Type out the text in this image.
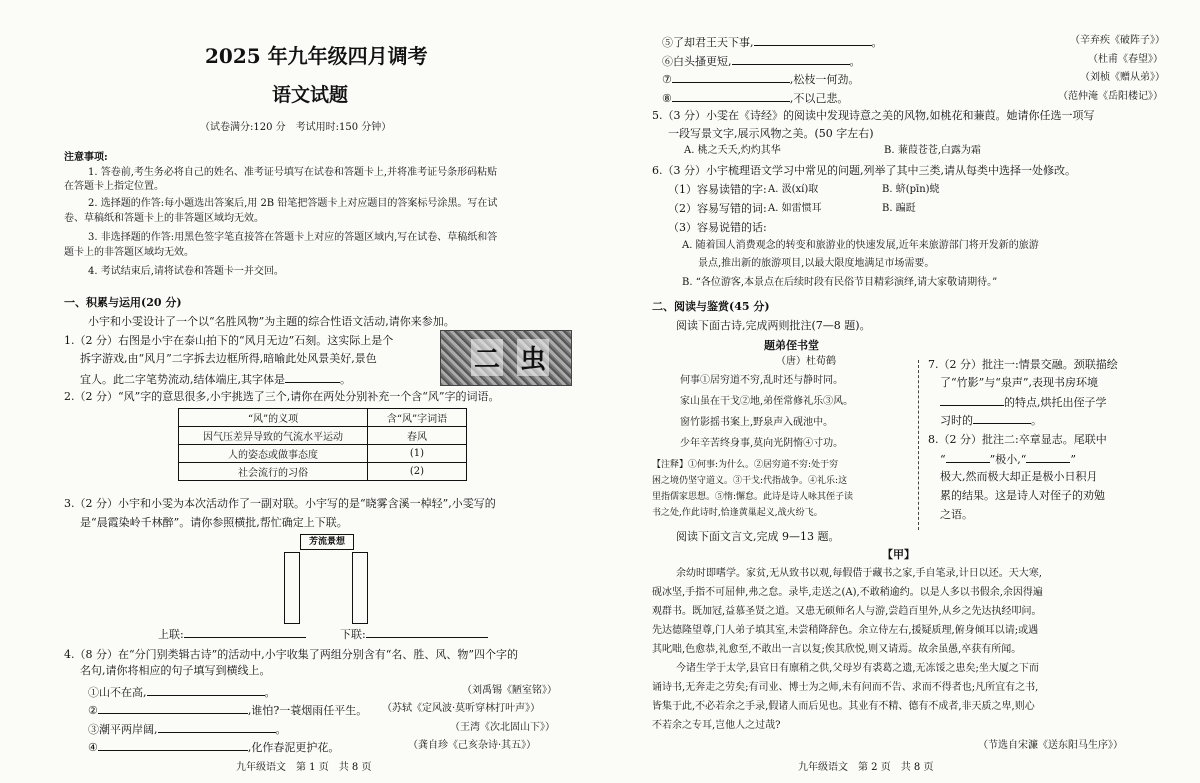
2025 年九年级四月调考
语文试题
（试卷满分:120 分　考试用时:150 分钟）
注意事项:
1. 答卷前,考生务必将自己的姓名、准考证号填写在试卷和答题卡上,并将准考证号条形码粘贴
在答题卡上指定位置。
2. 选择题的作答:每小题选出答案后,用 2B 铅笔把答题卡上对应题目的答案标号涂黑。写在试
卷、草稿纸和答题卡上的非答题区域均无效。
3. 非选择题的作答:用黑色签字笔直接答在答题卡上对应的答题区域内,写在试卷、草稿纸和答
题卡上的非答题区域均无效。
4. 考试结束后,请将试卷和答题卡一并交回。
一、积累与运用(20 分)
小宇和小雯设计了一个以“名胜风物”为主题的综合性语文活动,请你来参加。
1.（2 分）右图是小宇在泰山拍下的“风月无边”石刻。这实际上是个
拆字游戏,由“风月”二字拆去边框所得,暗喻此处风景美好,景色
宜人。此二字笔势流动,结体端庄,其字体是	。
二 虫
2.（2 分）“风”字的意思很多,小宇挑选了三个,请你在两处分别补充一个含“风”字的词语。
“风”的义项	含“风”字词语
因气压差异导致的气流水平运动	春风
人的姿态或做事态度	(1)
社会流行的习俗	(2)
3.（2 分）小宇和小雯为本次活动作了一副对联。小宇写的是“晓雾含溪一棹轻”,小雯写的
是“晨霞染岭千林醉”。请你参照横批,帮忙确定上下联。
芳流景想
上联:	下联:
4.（8 分）在“分门别类辑古诗”的活动中,小宇收集了两组分别含有“名、胜、风、物”四个字的
名句,请你将相应的句子填写到横线上。
①山不在高,	。	（刘禹锡《陋室铭》）
②	,谁怕?一蓑烟雨任平生。 （苏轼《定风波·莫听穿林打叶声》）
③潮平两岸阔,	。	（王湾《次北固山下》）
④	,化作春泥更护花。	（龚自珍《己亥杂诗·其五》）
九年级语文　第 1 页　共 8 页
⑤了却君王天下事,	。	（辛弃疾《破阵子》）
⑥白头搔更短,	。	（杜甫《春望》）
⑦	,松枝一何劲。	（刘桢《赠从弟》）
⑧	,不以己悲。	（范仲淹《岳阳楼记》）
5.（3 分）小雯在《诗经》的阅读中发现诗意之美的风物,如桃花和蒹葭。她请你任选一项写
一段写景文字,展示风物之美。(50 字左右)
A. 桃之夭夭,灼灼其华	B. 蒹葭苍苍,白露为霜
6.（3 分）小宇梳理语文学习中常见的问题,列举了其中三类,请从每类中选择一处修改。
（1）容易读错的字: A. 汲(xí)取	B. 蛴(pīn)蛲
（2）容易写错的词: A. 如雷惯耳	B. 蹁跹
（3）容易说错的话:
A. 随着国人消费观念的转变和旅游业的快速发展,近年来旅游部门将开发新的旅游
景点,推出新的旅游项目,以最大限度地满足市场需要。
B. “各位游客,本景点在后续时段有民俗节目精彩演绎,请大家敬请期待。”
二、阅读与鉴赏(45 分)
阅读下面古诗,完成两则批注(7—8 题)。
题弟侄书堂
（唐）杜荀鹤
何事①居穷道不穷,乱时还与静时同。
家山虽在干戈②地,弟侄常修礼乐③风。
窗竹影摇书案上,野泉声入砚池中。
少年辛苦终身事,莫向光阴惰④寸功。
【注释】①何事:为什么。②居穷道不穷:处于穷
困之境仍坚守道义。③干戈:代指战争。④礼乐:这
里指儒家思想。⑤惰:懈怠。此诗是诗人咏其侄子读
书之处,作此诗时,恰逢黄巢起义,战火纷飞。
7.（2 分）批注一:情景交融。颈联描绘
了“竹影”与“泉声”,表现书房环境
的特点,烘托出侄子学
习时的	。
8.（2 分）批注二:卒章显志。尾联中
“	”极小,“	”
极大,然而极大却正是极小日积月
累的结果。这是诗人对侄子的劝勉
之语。
阅读下面文言文,完成 9—13 题。
【甲】
余幼时即嗜学。家贫,无从致书以观,每假借于藏书之家,手自笔录,计日以还。天大寒,
砚冰坚,手指不可屈伸,弗之怠。录毕,走送之(A),不敢稍逾约。以是人多以书假余,余因得遍
观群书。既加冠,益慕圣贤之道。又患无硕师名人与游,尝趋百里外,从乡之先达执经叩问。
先达德隆望尊,门人弟子填其室,未尝稍降辞色。余立侍左右,援疑质理,俯身倾耳以请;或遇
其叱咄,色愈恭,礼愈至,不敢出一言以复;俟其欣悦,则又请焉。故余虽愚,卒获有所闻。
今诸生学于太学,县官日有廪稍之供,父母岁有裘葛之遗,无冻馁之患矣;坐大厦之下而
诵诗书,无奔走之劳矣;有司业、博士为之师,未有问而不告、求而不得者也;凡所宜有之书,
皆集于此,不必若余之手录,假诸人而后见也。其业有不精、德有不成者,非天质之卑,则心
不若余之专耳,岂他人之过哉?
（节选自宋濂《送东阳马生序》）
九年级语文　第 2 页　共 8 页
